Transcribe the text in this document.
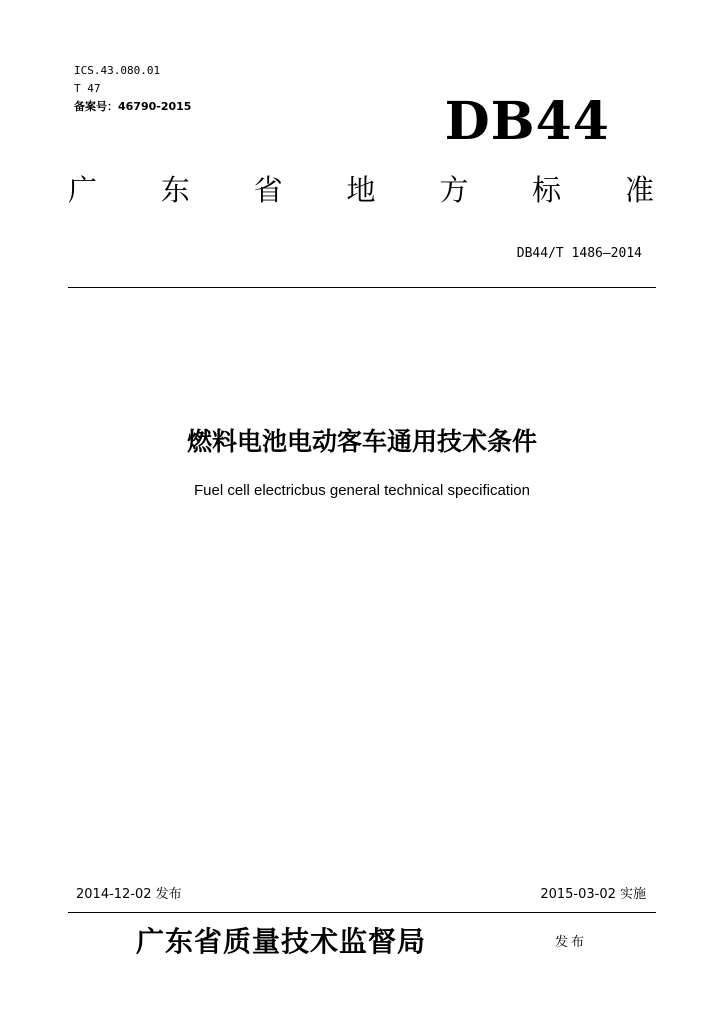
ICS.43.080.01
T 47
备案号：46790-2015	DB44
广 东 省 地 方 标 准
DB44/T 1486—2014
燃料电池电动客车通用技术条件
Fuel cell electricbus general technical specification
2014-12-02 发布	2015-03-02 实施
广东省质量技术监督局	发布
